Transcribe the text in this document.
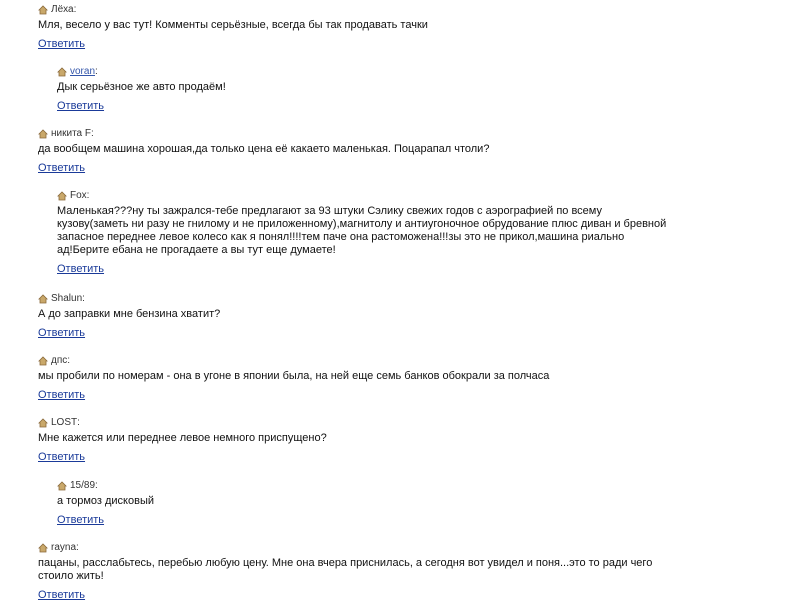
Лёха :
Мля, весело у вас тут! Комменты серьёзные, всегда бы так продавать тачки
Ответить
voran :
Дык серьёзное же авто продаём!
Ответить
никита F :
да вообщем машина хорошая,да только цена её какаето маленькая. Поцарапал чтоли?
Ответить
Fox :
Маленькая???ну ты зажрался-тебе предлагают за 93 штуки Сэлику свежих годов с аэрографией по всему
кузову(заметь ни разу не гнилому и не приложенному),магнитолу и антиугоночное обрудование плюс диван и бревной
запасное переднее левое колесо как я понял!!!!тем паче она растоможена!!!зы это не прикол,машина риально
ад!Берите ебана не прогадаете а вы тут еще думаете!
Ответить
Shalun :
А до заправки мне бензина хватит?
Ответить
дпс :
мы пробили по номерам - она в угоне в японии была, на ней еще семь банков обокрали за полчаса
Ответить
LOST :
Мне кажется или переднее левое немного приспущено?
Ответить
15/89 :
а тормоз дисковый
Ответить
rayna :
пацаны, расслабьтесь, перебью любую цену. Мне она вчера приснилась, а сегодня вот увидел и поня...это то ради чего
стоило жить!
Ответить
